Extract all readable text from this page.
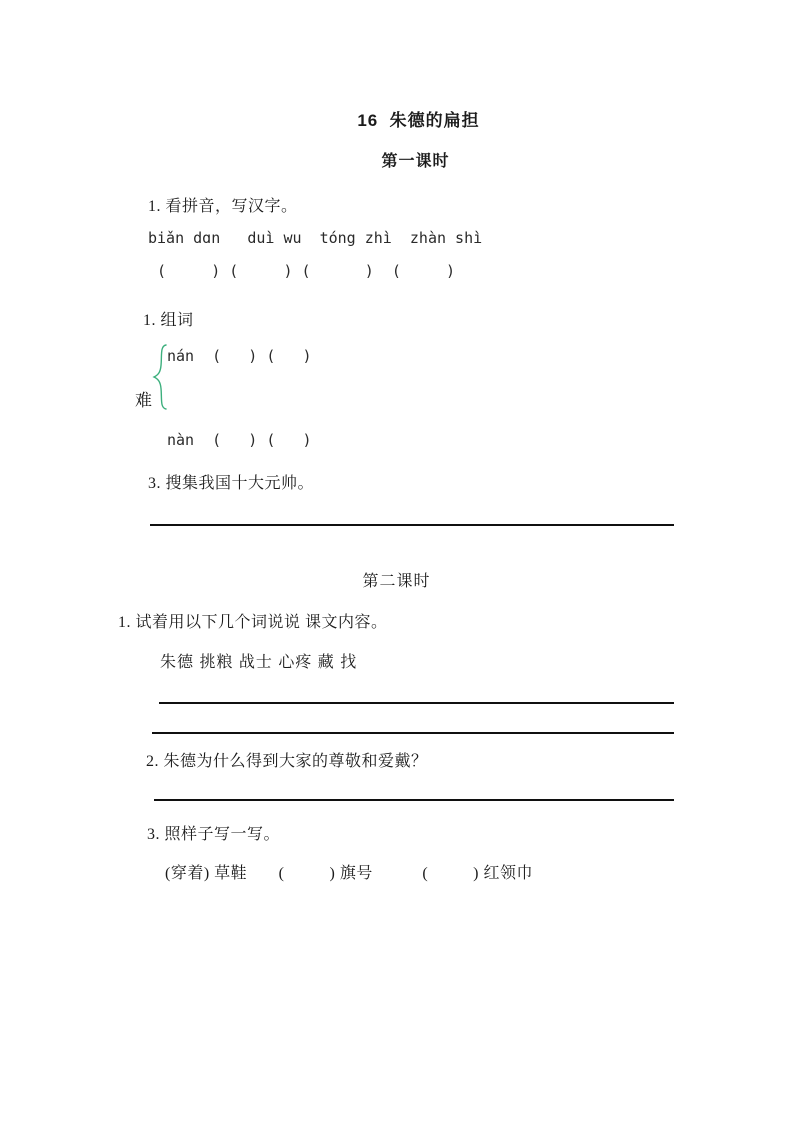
16  朱德的扁担
第一课时
1. 看拼音，写汉字。
biǎn dɑn   duì wu  tóng zhì  zhàn shì
(     ) (     ) (      )  (     )
1. 组词
难
nán  (   ) (   )
nàn  (   ) (   )
3. 搜集我国十大元帅。
第二课时
1. 试着用以下几个词说说 课文内容。
朱德 挑粮 战士 心疼 藏 找
2. 朱德为什么得到大家的尊敬和爱戴？
3. 照样子写一写。
(穿着) 草鞋       (          ) 旗号           (          ) 红领巾
